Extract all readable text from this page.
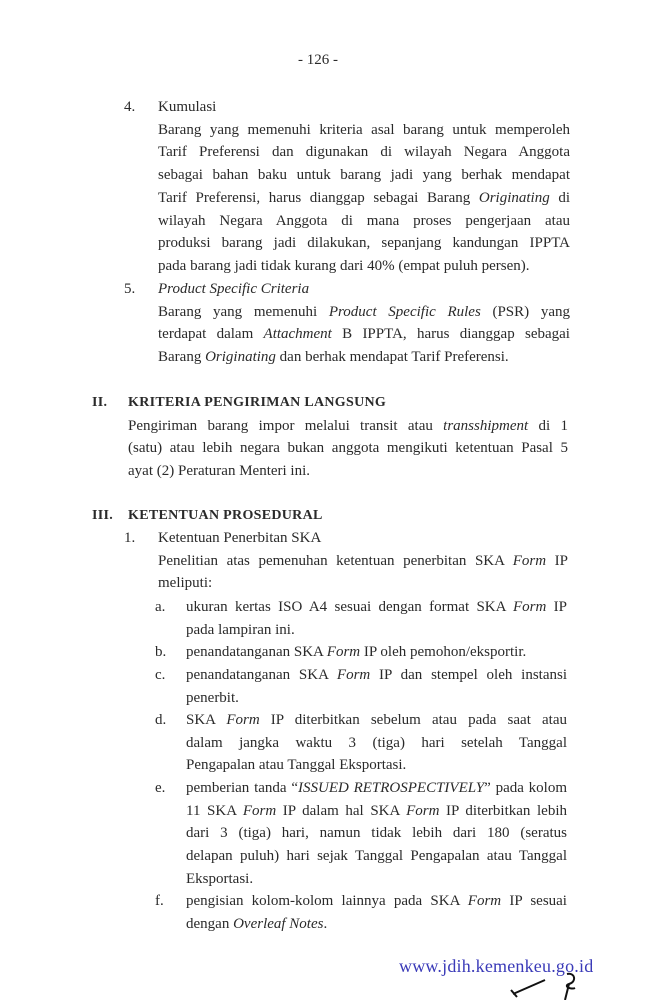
- 126 -
4. Kumulasi
Barang yang memenuhi kriteria asal barang untuk memperoleh
Tarif Preferensi dan digunakan di wilayah Negara Anggota
sebagai bahan baku untuk barang jadi yang berhak mendapat
Tarif Preferensi, harus dianggap sebagai Barang Originating di
wilayah Negara Anggota di mana proses pengerjaan atau
produksi barang jadi dilakukan, sepanjang kandungan IPPTA
pada barang jadi tidak kurang dari 40% (empat puluh persen).
5. Product Specific Criteria
Barang yang memenuhi Product Specific Rules (PSR) yang
terdapat dalam Attachment B IPPTA, harus dianggap sebagai
Barang Originating dan berhak mendapat Tarif Preferensi.
II. KRITERIA PENGIRIMAN LANGSUNG
Pengiriman barang impor melalui transit atau transshipment di 1
(satu) atau lebih negara bukan anggota mengikuti ketentuan Pasal 5
ayat (2) Peraturan Menteri ini.
III. KETENTUAN PROSEDURAL
1. Ketentuan Penerbitan SKA
Penelitian atas pemenuhan ketentuan penerbitan SKA Form IP
meliputi:
a. ukuran kertas ISO A4 sesuai dengan format SKA Form IP
pada lampiran ini.
b. penandatanganan SKA Form IP oleh pemohon/eksportir.
c. penandatanganan SKA Form IP dan stempel oleh instansi
penerbit.
d. SKA Form IP diterbitkan sebelum atau pada saat atau
dalam jangka waktu 3 (tiga) hari setelah Tanggal
Pengapalan atau Tanggal Eksportasi.
e. pemberian tanda “ISSUED RETROSPECTIVELY” pada kolom
11 SKA Form IP dalam hal SKA Form IP diterbitkan lebih
dari 3 (tiga) hari, namun tidak lebih dari 180 (seratus
delapan puluh) hari sejak Tanggal Pengapalan atau Tanggal
Eksportasi.
f. pengisian kolom-kolom lainnya pada SKA Form IP sesuai
dengan Overleaf Notes.
www.jdih.kemenkeu.go.id
